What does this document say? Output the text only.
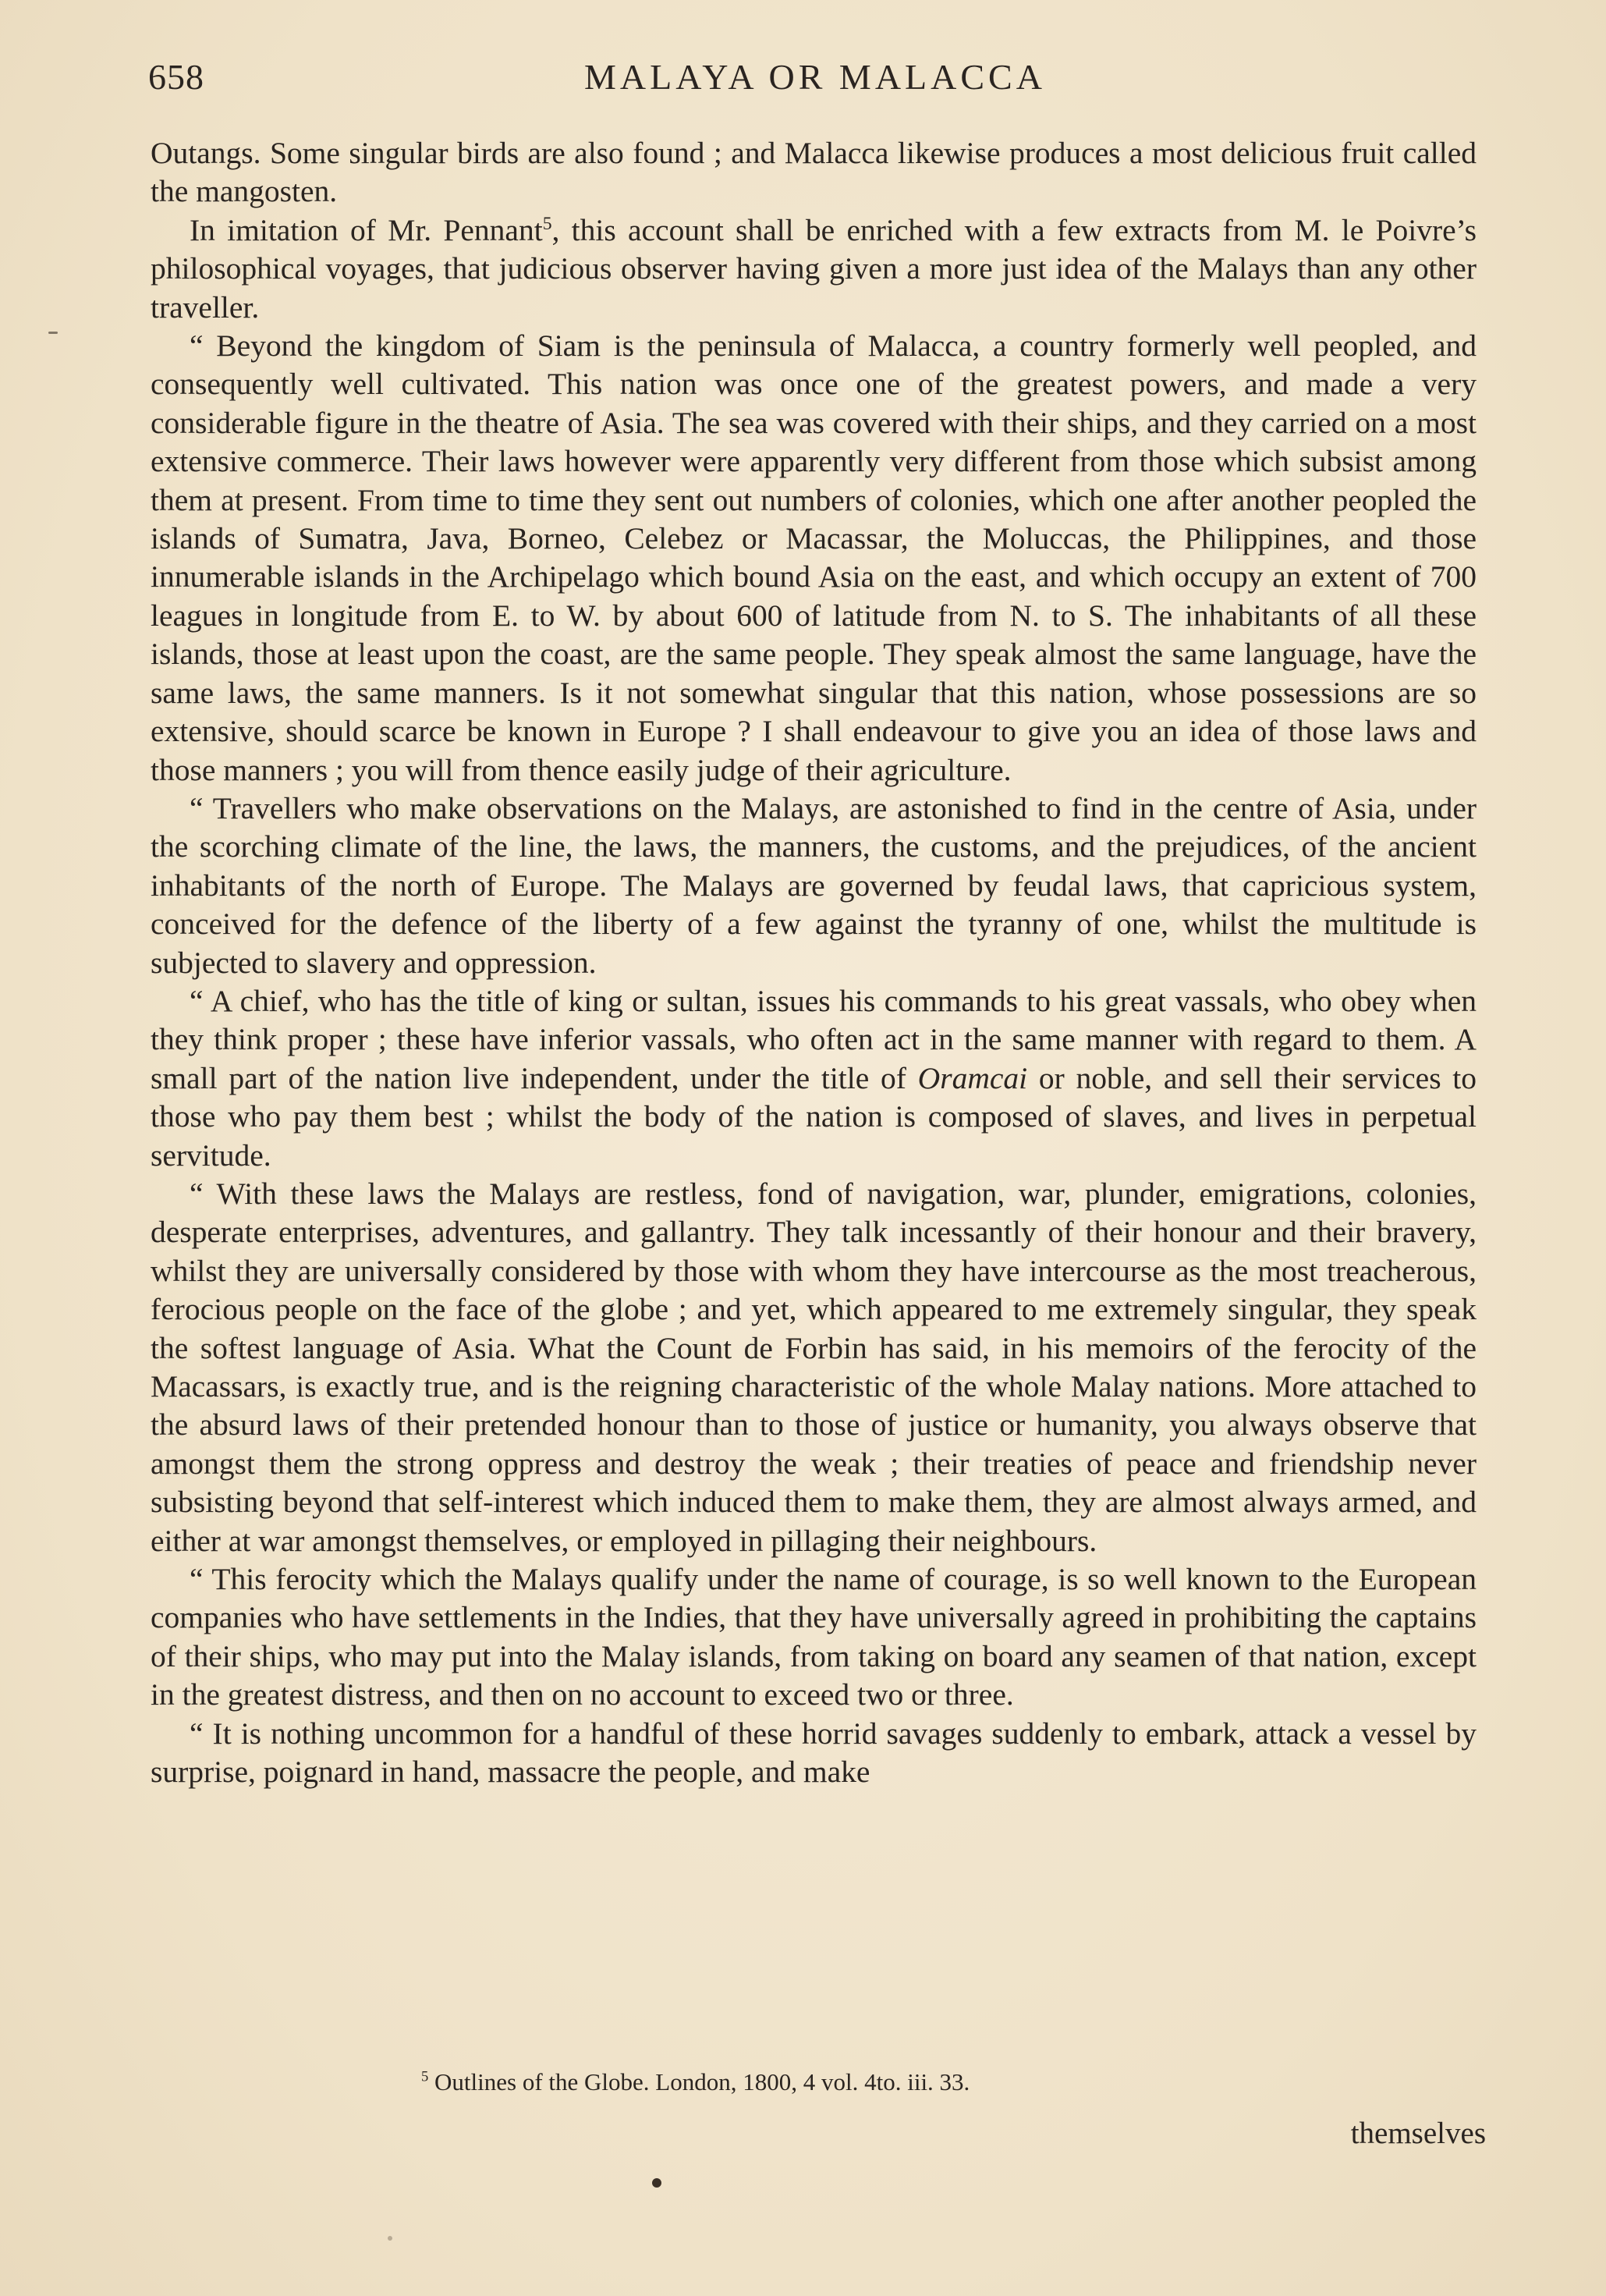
658	MALAYA OR MALACCA

Outangs. Some singular birds are also found ; and Malacca likewise produces a most delicious fruit called the mangosten.

In imitation of Mr. Pennant$^5$, this account shall be enriched with a few extracts from M. le Poivre’s philosophical voyages, that judicious observer having given a more just idea of the Malays than any other traveller.

“ Beyond the kingdom of Siam is the peninsula of Malacca, a country formerly well peopled, and consequently well cultivated. This nation was once one of the greatest powers, and made a very considerable figure in the theatre of Asia. The sea was covered with their ships, and they carried on a most extensive commerce. Their laws however were apparently very different from those which subsist among them at present. From time to time they sent out numbers of colonies, which one after another peopled the islands of Sumatra, Java, Borneo, Celebez or Macassar, the Moluccas, the Philippines, and those innumerable islands in the Archipelago which bound Asia on the east, and which occupy an extent of 700 leagues in longitude from E. to W. by about 600 of latitude from N. to S. The inhabitants of all these islands, those at least upon the coast, are the same people. They speak almost the same language, have the same laws, the same manners. Is it not somewhat singular that this nation, whose possessions are so extensive, should scarce be known in Europe ? I shall endeavour to give you an idea of those laws and those manners ; you will from thence easily judge of their agriculture.

“ Travellers who make observations on the Malays, are astonished to find in the centre of Asia, under the scorching climate of the line, the laws, the manners, the customs, and the prejudices, of the ancient inhabitants of the north of Europe. The Malays are governed by feudal laws, that capricious system, conceived for the defence of the liberty of a few against the tyranny of one, whilst the multitude is subjected to slavery and oppression.

“ A chief, who has the title of king or sultan, issues his commands to his great vassals, who obey when they think proper ; these have inferior vassals, who often act in the same manner with regard to them. A small part of the nation live independent, under the title of Oramcai or noble, and sell their services to those who pay them best ; whilst the body of the nation is composed of slaves, and lives in perpetual servitude.

“ With these laws the Malays are restless, fond of navigation, war, plunder, emigrations, colonies, desperate enterprises, adventures, and gallantry. They talk incessantly of their honour and their bravery, whilst they are universally considered by those with whom they have intercourse as the most treacherous, ferocious people on the face of the globe ; and yet, which appeared to me extremely singular, they speak the softest language of Asia. What the Count de Forbin has said, in his memoirs of the ferocity of the Macassars, is exactly true, and is the reigning characteristic of the whole Malay nations. More attached to the absurd laws of their pretended honour than to those of justice or humanity, you always observe that amongst them the strong oppress and destroy the weak ; their treaties of peace and friendship never subsisting beyond that self-interest which induced them to make them, they are almost always armed, and either at war amongst themselves, or employed in pillaging their neighbours.

“ This ferocity which the Malays qualify under the name of courage, is so well known to the European companies who have settlements in the Indies, that they have universally agreed in prohibiting the captains of their ships, who may put into the Malay islands, from taking on board any seamen of that nation, except in the greatest distress, and then on no account to exceed two or three.

“ It is nothing uncommon for a handful of these horrid savages suddenly to embark, attack a vessel by surprise, poignard in hand, massacre the people, and make

$^5$ Outlines of the Globe. London, 1800, 4 vol. 4to. iii. 33.
themselves
